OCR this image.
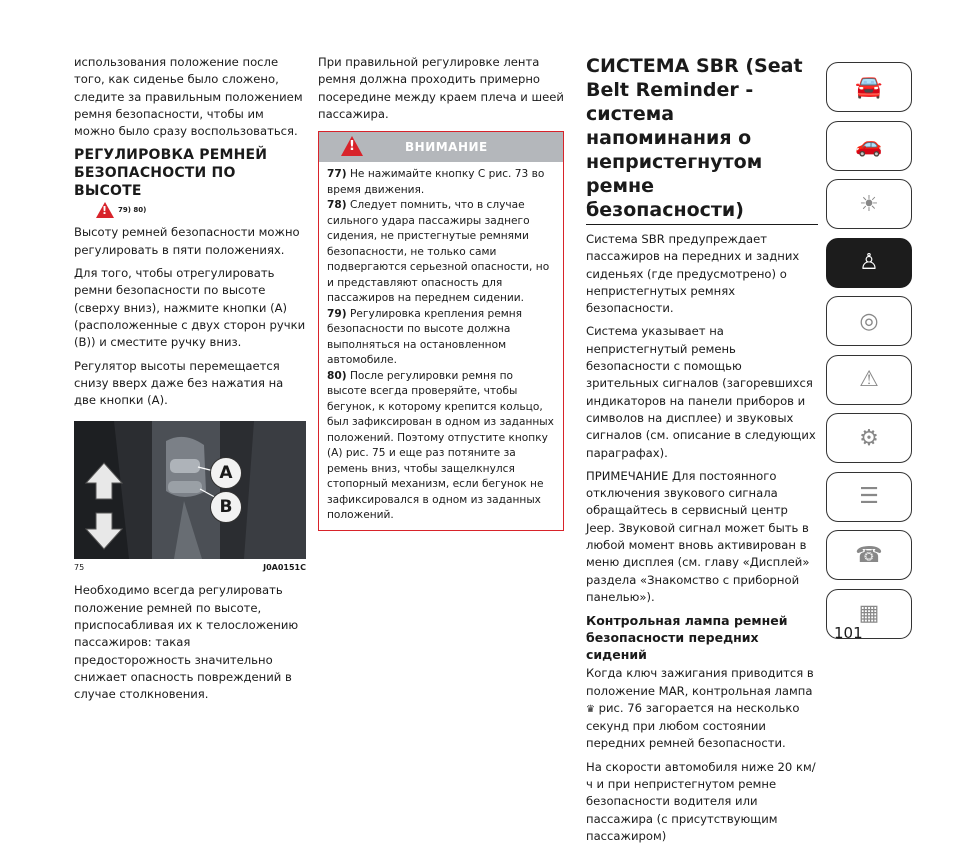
использования положение после того, как сиденье было сложено, следите за правильным положением ремня безопасности, чтобы им можно было сразу воспользоваться.

РЕГУЛИРОВКА РЕМНЕЙ БЕЗОПАСНОСТИ ПО ВЫСОТЕ
!
79) 80)

Высоту ремней безопасности можно регулировать в пяти положениях.

Для того, чтобы отрегулировать ремни безопасности по высоте (сверху вниз), нажмите кнопки (A) (расположенные с двух сторон ручки (B)) и сместите ручку вниз.

Регулятор высоты перемещается снизу вверх даже без нажатия на две кнопки (A).

A
B
75	J0A0151C

Необходимо всегда регулировать положение ремней по высоте, приспосабливая их к телосложению пассажиров: такая предосторожность значительно снижает опасность повреждений в случае столкновения.

При правильной регулировке лента ремня должна проходить примерно посередине между краем плеча и шеей пассажира.

!
ВНИМАНИЕ

77) Не нажимайте кнопку C рис. 73 во время движения.

78) Следует помнить, что в случае сильного удара пассажиры заднего сидения, не пристегнутые ремнями безопасности, не только сами подвергаются серьезной опасности, но и представляют опасность для пассажиров на переднем сидении.

79) Регулировка крепления ремня безопасности по высоте должна выполняться на остановленном автомобиле.

80) После регулировки ремня по высоте всегда проверяйте, чтобы бегунок, к которому крепится кольцо, был зафиксирован в одном из заданных положений. Поэтому отпустите кнопку (A) рис. 75 и еще раз потяните за ремень вниз, чтобы защелкнулся стопорный механизм, если бегунок не зафиксировался в одном из заданных положений.

СИСТЕМА SBR (Seat Belt Reminder - система напоминания о непристегнутом ремне безопасности)

Система SBR предупреждает пассажиров на передних и задних сиденьях (где предусмотрено) о непристегнутых ремнях безопасности.

Система указывает на непристегнутый ремень безопасности с помощью зрительных сигналов (загоревшихся индикаторов на панели приборов и символов на дисплее) и звуковых сигналов (см. описание в следующих параграфах).

ПРИМЕЧАНИЕ Для постоянного отключения звукового сигнала обращайтесь в сервисный центр Jeep. Звуковой сигнал может быть в любой момент вновь активирован в меню дисплея (см. главу «Дисплей» раздела «Знакомство с приборной панелью»).

Контрольная лампа ремней безопасности передних сидений

Когда ключ зажигания приводится в положение MAR, контрольная лампа ♛ рис. 76 загорается на несколько секунд при любом состоянии передних ремней безопасности.

На скорости автомобиля ниже 20 км/ч и при непристегнутом ремне безопасности водителя или пассажира (с присутствующим пассажиром)

🚘
🚗
☀
♙
◎
⚠
⚙
☰
☎
▦
101
